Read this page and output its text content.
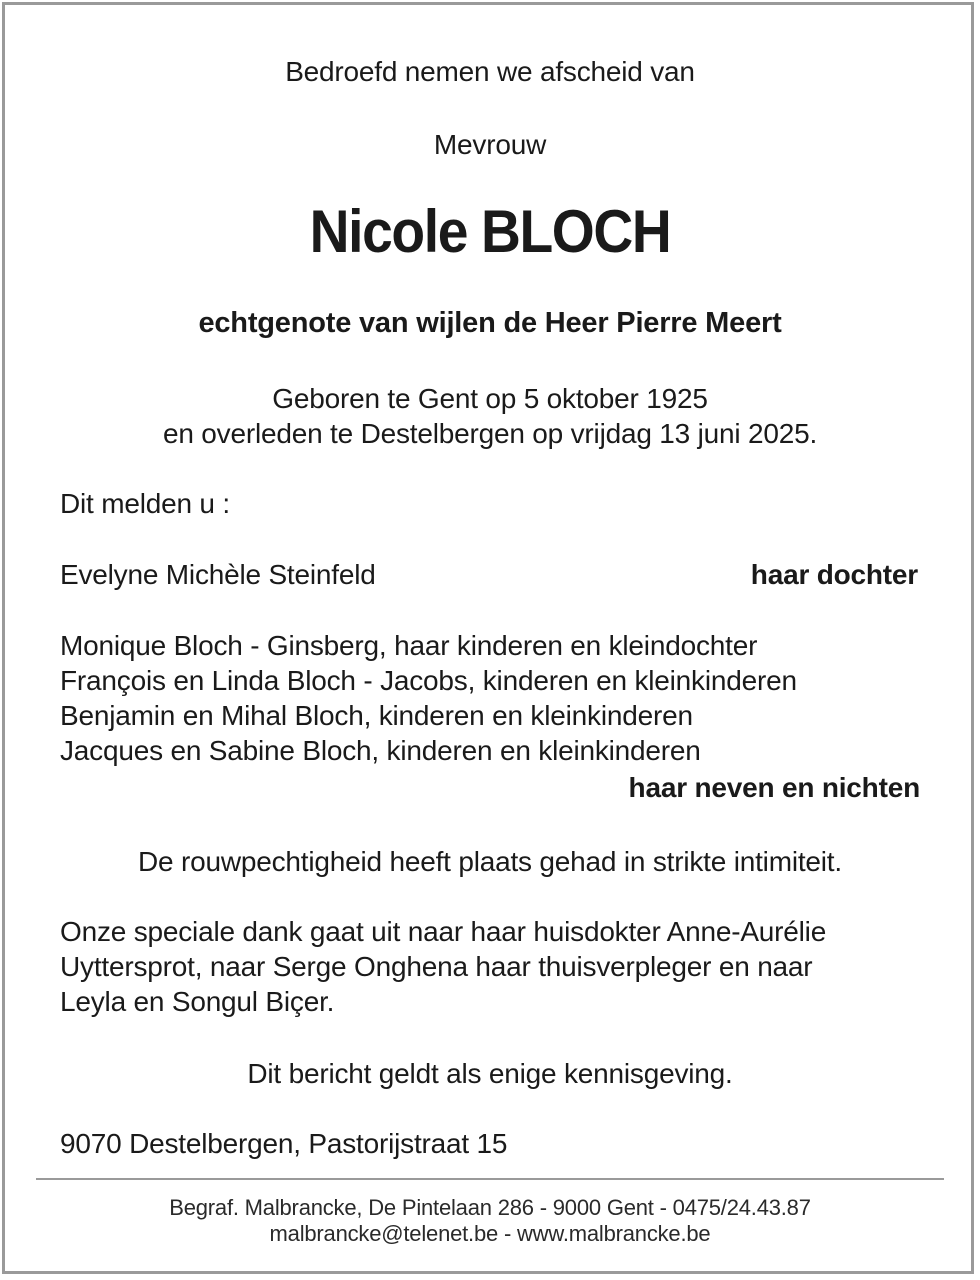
Bedroefd nemen we afscheid van
Mevrouw
Nicole BLOCH
echtgenote van wijlen de Heer Pierre Meert
Geboren te Gent op 5 oktober 1925
en overleden te Destelbergen op vrijdag 13 juni 2025.
Dit melden u :
Evelyne Michèle Steinfeld	haar dochter
Monique Bloch - Ginsberg, haar kinderen en kleindochter
François en Linda Bloch - Jacobs, kinderen en kleinkinderen
Benjamin en Mihal Bloch, kinderen en kleinkinderen
Jacques en Sabine Bloch, kinderen en kleinkinderen
haar neven en nichten
De rouwpechtigheid heeft plaats gehad in strikte intimiteit.
Onze speciale dank gaat uit naar haar huisdokter Anne-Aurélie
Uyttersprot, naar Serge Onghena haar thuisverpleger en naar
Leyla en Songul Biçer.
Dit bericht geldt als enige kennisgeving.
9070 Destelbergen, Pastorijstraat 15
Begraf. Malbrancke, De Pintelaan 286 - 9000 Gent - 0475/24.43.87
malbrancke@telenet.be - www.malbrancke.be
